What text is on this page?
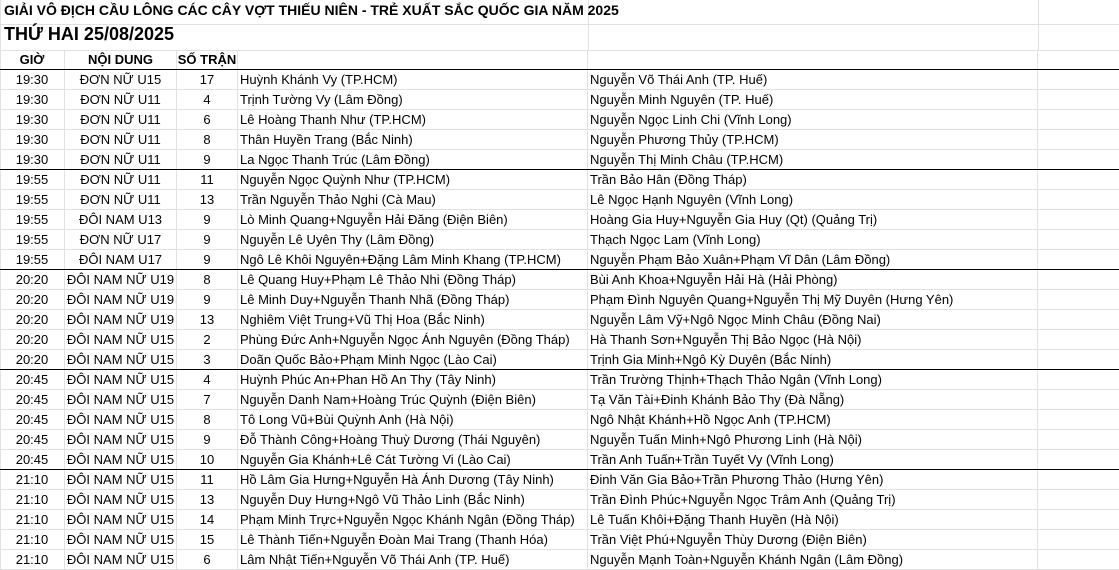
GIẢI VÔ ĐỊCH CẦU LÔNG CÁC CÂY VỢT THIẾU NIÊN - TRẺ XUẤT SẮC QUỐC GIA NĂM 2025
THỨ HAI 25/08/2025
GIỜ	NỘI DUNG	SỐ TRẬN
19:30	ĐƠN NỮ U15	17	Huỳnh Khánh Vy (TP.HCM)	Nguyễn Võ Thái Anh (TP. Huế)
19:30	ĐƠN NỮ U11	4	Trịnh Tường Vy (Lâm Đồng)	Nguyễn Minh Nguyên (TP. Huế)
19:30	ĐƠN NỮ U11	6	Lê Hoàng Thanh Như (TP.HCM)	Nguyễn Ngọc Linh Chi (Vĩnh Long)
19:30	ĐƠN NỮ U11	8	Thân Huyền Trang (Bắc Ninh)	Nguyễn Phương Thủy (TP.HCM)
19:30	ĐƠN NỮ U11	9	La Ngọc Thanh Trúc (Lâm Đồng)	Nguyễn Thị Minh Châu (TP.HCM)
19:55	ĐƠN NỮ U11	11	Nguyễn Ngọc Quỳnh Như (TP.HCM)	Trần Bảo Hân (Đồng Tháp)
19:55	ĐƠN NỮ U11	13	Trần Nguyễn Thảo Nghi (Cà Mau)	Lê Ngọc Hạnh Nguyên (Vĩnh Long)
19:55	ĐÔI NAM U13	9	Lò Minh Quang+Nguyễn Hải Đăng (Điện Biên)	Hoàng Gia Huy+Nguyễn Gia Huy (Qt) (Quảng Trị)
19:55	ĐƠN NỮ U17	9	Nguyễn Lê Uyên Thy (Lâm Đồng)	Thạch Ngọc Lam (Vĩnh Long)
19:55	ĐÔI NAM U17	9	Ngô Lê Khôi Nguyên+Đặng Lâm Minh Khang (TP.HCM)	Nguyễn Phạm Bảo Xuân+Phạm Vĩ Dân (Lâm Đồng)
20:20	ĐÔI NAM NỮ U19	8	Lê Quang Huy+Phạm Lê Thảo Nhi (Đồng Tháp)	Bùi Anh Khoa+Nguyễn Hải Hà (Hải Phòng)
20:20	ĐÔI NAM NỮ U19	9	Lê Minh Duy+Nguyễn Thanh Nhã (Đồng Tháp)	Phạm Đình Nguyên Quang+Nguyễn Thị Mỹ Duyên (Hưng Yên)
20:20	ĐÔI NAM NỮ U19	13	Nghiêm Việt Trung+Vũ Thị Hoa (Bắc Ninh)	Nguyễn Lâm Vỹ+Ngô Ngọc Minh Châu (Đồng Nai)
20:20	ĐÔI NAM NỮ U15	2	Phùng Đức Anh+Nguyễn Ngọc Ánh Nguyên (Đồng Tháp)	Hà Thanh Sơn+Nguyễn Thị Bảo Ngọc (Hà Nội)
20:20	ĐÔI NAM NỮ U15	3	Doãn Quốc Bảo+Phạm Minh Ngọc (Lào Cai)	Trịnh Gia Minh+Ngô Kỳ Duyên (Bắc Ninh)
20:45	ĐÔI NAM NỮ U15	4	Huỳnh Phúc An+Phan Hồ An Thy (Tây Ninh)	Trần Trường Thịnh+Thạch Thảo Ngân (Vĩnh Long)
20:45	ĐÔI NAM NỮ U15	7	Nguyễn Danh Nam+Hoàng Trúc Quỳnh (Điện Biên)	Tạ Văn Tài+Đinh Khánh Bảo Thy (Đà Nẵng)
20:45	ĐÔI NAM NỮ U15	8	Tô Long Vũ+Bùi Quỳnh Anh (Hà Nội)	Ngô Nhật Khánh+Hồ Ngọc Anh (TP.HCM)
20:45	ĐÔI NAM NỮ U15	9	Đỗ Thành Công+Hoàng Thuỳ Dương (Thái Nguyên)	Nguyễn Tuấn Minh+Ngô Phương Linh (Hà Nội)
20:45	ĐÔI NAM NỮ U15	10	Nguyễn Gia Khánh+Lê Cát Tường Vi (Lào Cai)	Trần Anh Tuấn+Trần Tuyết Vy (Vĩnh Long)
21:10	ĐÔI NAM NỮ U15	11	Hồ Lâm Gia Hưng+Nguyễn Hà Ánh Dương (Tây Ninh)	Đinh Văn Gia Bảo+Trần Phương Thảo (Hưng Yên)
21:10	ĐÔI NAM NỮ U15	13	Nguyễn Duy Hưng+Ngô Vũ Thảo Linh (Bắc Ninh)	Trần Đình Phúc+Nguyễn Ngọc Trâm Anh (Quảng Trị)
21:10	ĐÔI NAM NỮ U15	14	Phạm Minh Trực+Nguyễn Ngọc Khánh Ngân (Đồng Tháp)	Lê Tuấn Khôi+Đặng Thanh Huyền (Hà Nội)
21:10	ĐÔI NAM NỮ U15	15	Lê Thành Tiến+Nguyễn Đoàn Mai Trang (Thanh Hóa)	Trần Việt Phú+Nguyễn Thùy Dương (Điện Biên)
21:10	ĐÔI NAM NỮ U15	6	Lâm Nhật Tiến+Nguyễn Võ Thái Anh (TP. Huế)	Nguyễn Mạnh Toàn+Nguyễn Khánh Ngân (Lâm Đồng)
